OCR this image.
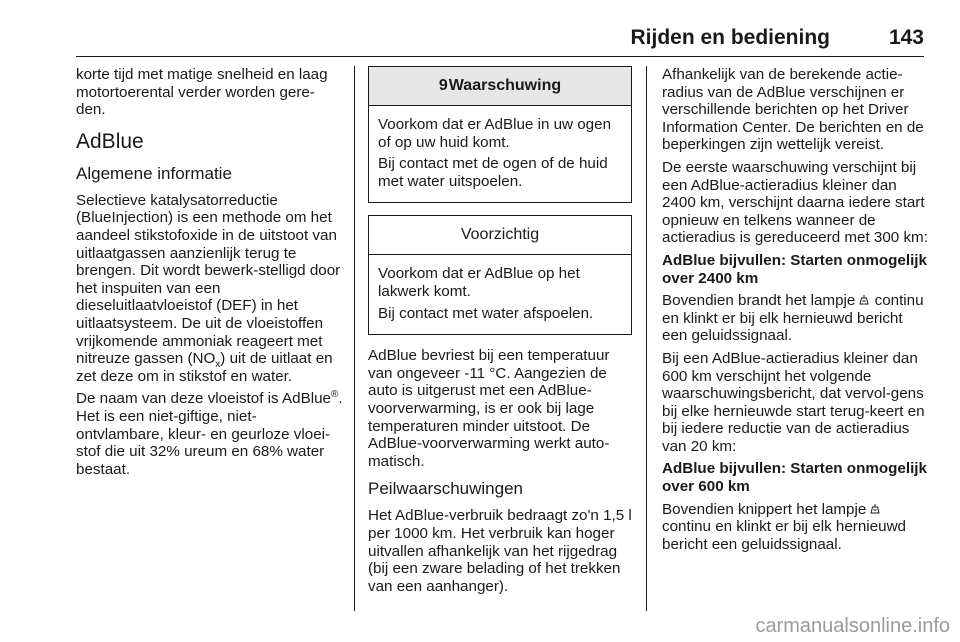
Rijden en bediening	143

korte tijd met matige snelheid en laag motortoerental verder worden gere-den.

AdBlue
Algemene informatie

Selectieve katalysatorreductie (BlueInjection) is een methode om het aandeel stikstofoxide in de uitstoot van uitlaatgassen aanzienlijk terug te brengen. Dit wordt bewerk-stelligd door het inspuiten van een dieseluitlaatvloeistof (DEF) in het uitlaatsysteem. De uit de vloeistoffen vrijkomende ammoniak reageert met nitreuze gassen $(NO_x)$ uit de uitlaat en zet deze om in stikstof en water.

De naam van deze vloeistof is AdBlue®. Het is een niet-giftige, niet-ontvlambare, kleur- en geurloze vloei-stof die uit 32% ureum en 68% water bestaat.

9Waarschuwing

Voorkom dat er AdBlue in uw ogen of op uw huid komt.

Bij contact met de ogen of de huid met water uitspoelen.

Voorzichtig

Voorkom dat er AdBlue op het lakwerk komt.

Bij contact met water afspoelen.

AdBlue bevriest bij een temperatuur van ongeveer -11 °C. Aangezien de auto is uitgerust met een AdBlue-voorverwarming, is er ook bij lage temperaturen minder uitstoot. De AdBlue-voorverwarming werkt auto-matisch.

Peilwaarschuwingen

Het AdBlue-verbruik bedraagt zo'n 1,5 l per 1000 km. Het verbruik kan hoger uitvallen afhankelijk van het rijgedrag (bij een zware belading of het trekken van een aanhanger).

Afhankelijk van de berekende actie-radius van de AdBlue verschijnen er verschillende berichten op het Driver Information Center. De berichten en de beperkingen zijn wettelijk vereist.

De eerste waarschuwing verschijnt bij een AdBlue-actieradius kleiner dan 2400 km, verschijnt daarna iedere start opnieuw en telkens wanneer de actieradius is gereduceerd met 300 km:

AdBlue bijvullen: Starten onmogelijk over 2400 km

Bovendien brandt het lampje continu en klinkt er bij elk hernieuwd bericht een geluidssignaal.

Bij een AdBlue-actieradius kleiner dan 600 km verschijnt het volgende waarschuwingsbericht, dat vervol-gens bij elke hernieuwde start terug-keert en bij iedere reductie van de actieradius van 20 km:

AdBlue bijvullen: Starten onmogelijk over 600 km

Bovendien knippert het lampje continu en klinkt er bij elk hernieuwd bericht een geluidssignaal.

carmanualsonline.info
